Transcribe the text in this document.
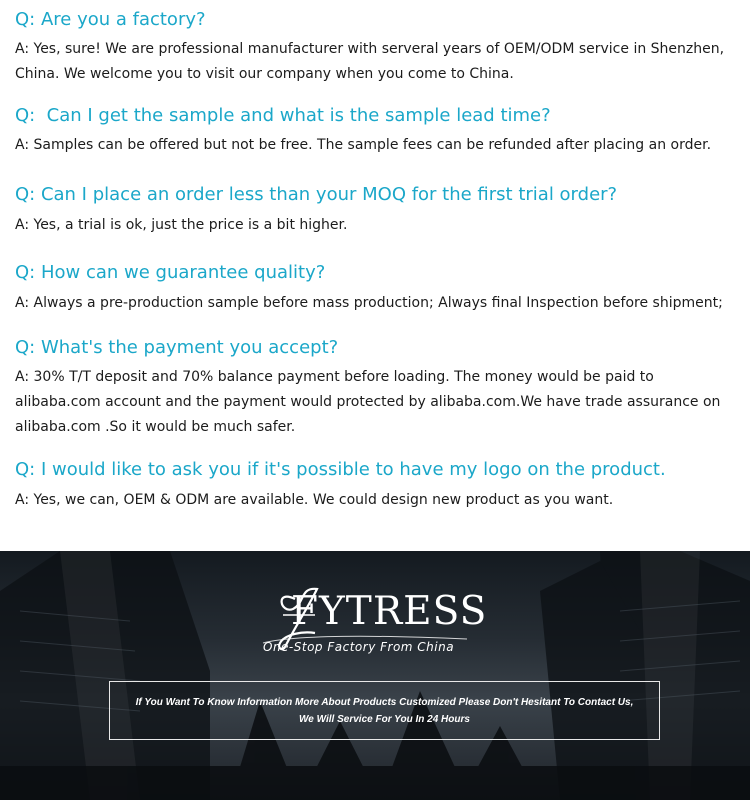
Q: Are you a factory?
A: Yes, sure! We are professional manufacturer with serveral years of OEM/ODM service in Shenzhen,  China. We welcome you to visit our company when you come to China.
Q:  Can I get the sample and what is the sample lead time?
A: Samples can be offered but not be free. The sample fees can be refunded after placing an order.
Q: Can I place an order less than your MOQ for the first trial order?
A: Yes, a trial is ok, just the price is a bit higher.
Q: How can we guarantee quality?
A: Always a pre-production sample before mass production; Always final Inspection before shipment;
Q: What's the payment you accept?
A: 30% T/T deposit and 70% balance payment before loading. The money would be paid to alibaba.com account and the payment would protected by alibaba.com.We have trade assurance on alibaba.com .So it would be much safer.
Q: I would like to ask you if it's possible to have my logo on the product.
A: Yes, we can, OEM & ODM are available. We could design new product as you want.
FYTRESS
One-Stop Factory From China
If You Want To Know Information More About Products Customized Please Don't Hesitant To Contact Us,
We Will Service For You In 24 Hours
